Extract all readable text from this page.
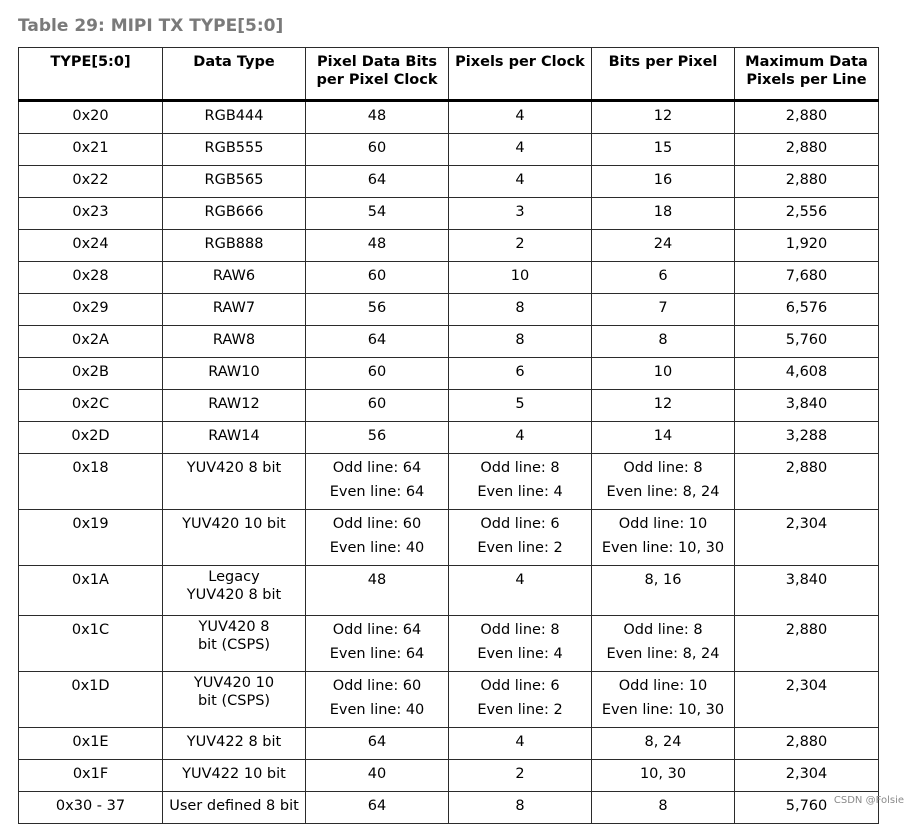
Table 29: MIPI TX TYPE[5:0]
TYPE[5:0]	Data Type	Pixel Data Bits
per Pixel Clock	Pixels per Clock	Bits per Pixel	Maximum Data
Pixels per Line
0x20	RGB444	48	4	12	2,880
0x21	RGB555	60	4	15	2,880
0x22	RGB565	64	4	16	2,880
0x23	RGB666	54	3	18	2,556
0x24	RGB888	48	2	24	1,920
0x28	RAW6	60	10	6	7,680
0x29	RAW7	56	8	7	6,576
0x2A	RAW8	64	8	8	5,760
0x2B	RAW10	60	6	10	4,608
0x2C	RAW12	60	5	12	3,840
0x2D	RAW14	56	4	14	3,288
0x18	YUV420 8 bit	Odd line: 64
Even line: 64	Odd line: 8
Even line: 4	Odd line: 8
Even line: 8, 24	2,880
0x19	YUV420 10 bit	Odd line: 60
Even line: 40	Odd line: 6
Even line: 2	Odd line: 10
Even line: 10, 30	2,304
0x1A	Legacy
YUV420 8 bit	48	4	8, 16	3,840
0x1C	YUV420 8
bit (CSPS)	Odd line: 64
Even line: 64	Odd line: 8
Even line: 4	Odd line: 8
Even line: 8, 24	2,880
0x1D	YUV420 10
bit (CSPS)	Odd line: 60
Even line: 40	Odd line: 6
Even line: 2	Odd line: 10
Even line: 10, 30	2,304
0x1E	YUV422 8 bit	64	4	8, 24	2,880
0x1F	YUV422 10 bit	40	2	10, 30	2,304
0x30 - 37	User defined 8 bit	64	8	8	5,760 CSDN @Folsie
